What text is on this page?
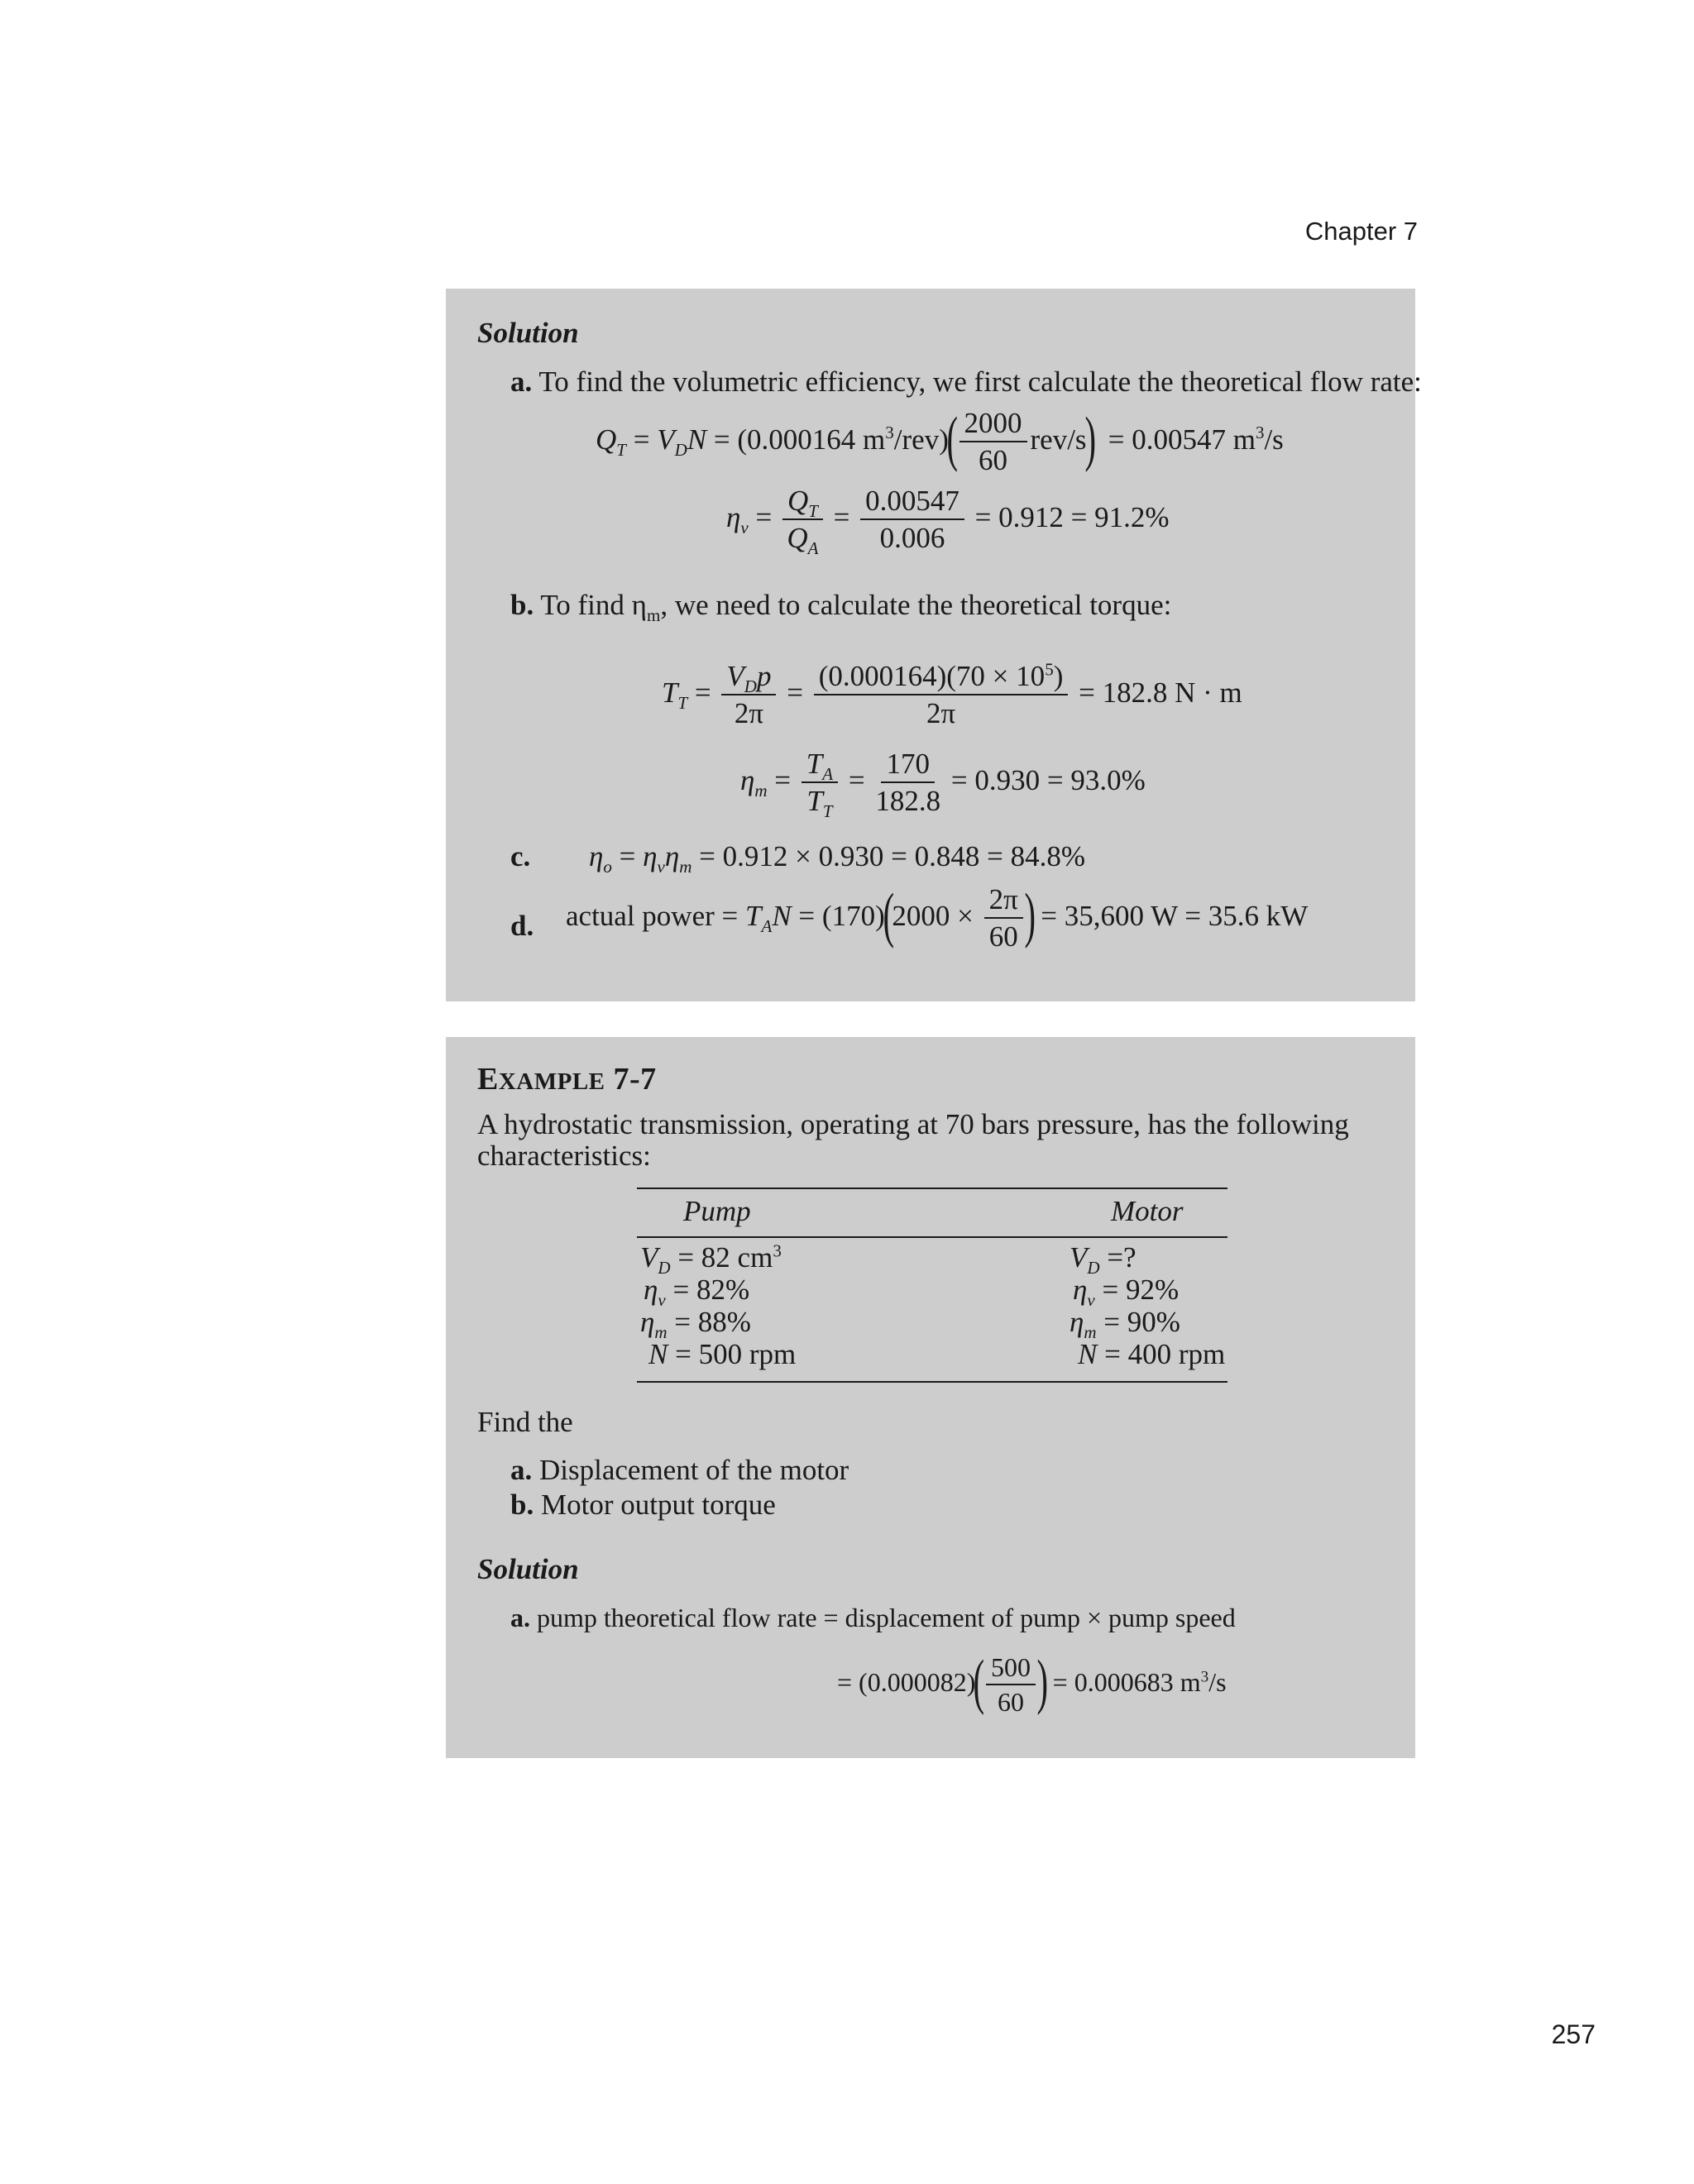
Chapter 7
257
Solution
a. To find the volumetric efficiency, we first calculate the theoretical flow rate:
$Q_T = V_DN = (0.000164$ $m^3/rev)( \frac{2000}{60} rev/s) = 0.00547$ $m^3/s$
$\eta_v = \frac{Q_T}{Q_A} = \frac{0.00547}{0.006} = 0.912 = 91.2\%$
b. To find $\eta_m$, we need to calculate the theoretical torque:
$T_T = \frac{V_Dp}{2\pi} = \frac{(0.000164)(70 \times 10^5)}{2\pi} = 182.8$ N · m
$\eta_m = \frac{T_A}{T_T} = \frac{170}{182.8} = 0.930 = 93.0\%$
c. $\eta_o = \eta_v\eta_m = 0.912 \times 0.930 = 0.848 = 84.8\%$
d. actual power = $T_AN = (170)(2000 \times \frac{2\pi}{60}$ ) = 35,600 W = 35.6 kW
EXAMPLE 7-7
A hydrostatic transmission, operating at 70 bars pressure, has the following
characteristics:
Pump	Motor
$V_D = 82$ $cm^3$
$\eta_v = 82\%$
$\eta_m = 88\%$
N = 500 rpm
$V_D$ =?
$\eta_v = 92\%$
$\eta_m = 90\%$
N = 400 rpm
Find the
a. Displacement of the motor
b. Motor output torque
Solution
a. pump theoretical flow rate = displacement of pump × pump speed
= $(0.000082)( \frac{500}{60}$ ) = 0.000683 $m^3/s$
